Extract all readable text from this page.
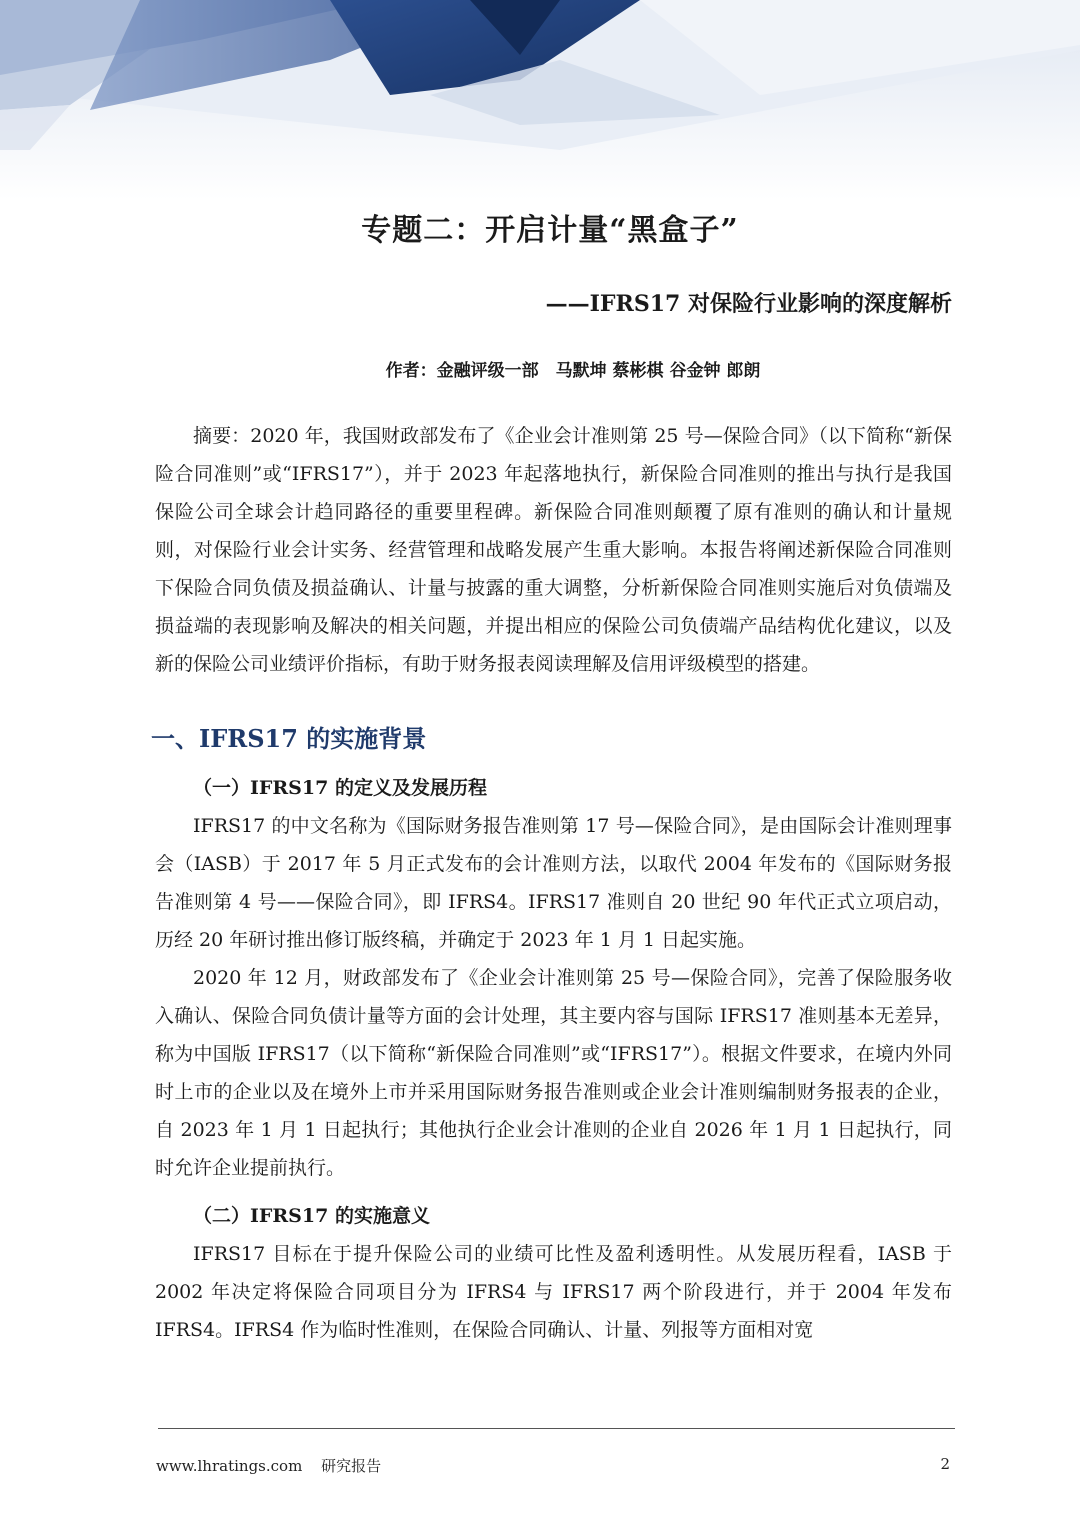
专题二：开启计量“黑盒子”
——IFRS17 对保险行业影响的深度解析
作者：金融评级一部　马默坤 蔡彬棋 谷金钟 郎朗

摘要：2020 年，我国财政部发布了《企业会计准则第 25 号—保险合同》（以下简称“新保险合同准则”或“IFRS17”），并于 2023 年起落地执行，新保险合同准则的推出与执行是我国保险公司全球会计趋同路径的重要里程碑。新保险合同准则颠覆了原有准则的确认和计量规则，对保险行业会计实务、经营管理和战略发展产生重大影响。本报告将阐述新保险合同准则下保险合同负债及损益确认、计量与披露的重大调整，分析新保险合同准则实施后对负债端及损益端的表现影响及解决的相关问题，并提出相应的保险公司负债端产品结构优化建议，以及新的保险公司业绩评价指标，有助于财务报表阅读理解及信用评级模型的搭建。

一、IFRS17 的实施背景
（一）IFRS17 的定义及发展历程

IFRS17 的中文名称为《国际财务报告准则第 17 号—保险合同》，是由国际会计准则理事会（IASB）于 2017 年 5 月正式发布的会计准则方法，以取代 2004 年发布的《国际财务报告准则第 4 号——保险合同》，即 IFRS4。IFRS17 准则自 20 世纪 90 年代正式立项启动，历经 20 年研讨推出修订版终稿，并确定于 2023 年 1 月 1 日起实施。

2020 年 12 月，财政部发布了《企业会计准则第 25 号—保险合同》，完善了保险服务收入确认、保险合同负债计量等方面的会计处理，其主要内容与国际 IFRS17 准则基本无差异，称为中国版 IFRS17（以下简称“新保险合同准则”或“IFRS17”）。根据文件要求，在境内外同时上市的企业以及在境外上市并采用国际财务报告准则或企业会计准则编制财务报表的企业，自 2023 年 1 月 1 日起执行；其他执行企业会计准则的企业自 2026 年 1 月 1 日起执行，同时允许企业提前执行。

（二）IFRS17 的实施意义

IFRS17 目标在于提升保险公司的业绩可比性及盈利透明性。从发展历程看，IASB 于 2002 年决定将保险合同项目分为 IFRS4 与 IFRS17 两个阶段进行，并于 2004 年发布 IFRS4。IFRS4 作为临时性准则，在保险合同确认、计量、列报等方面相对宽

www.lhratings.com 研究报告	2
